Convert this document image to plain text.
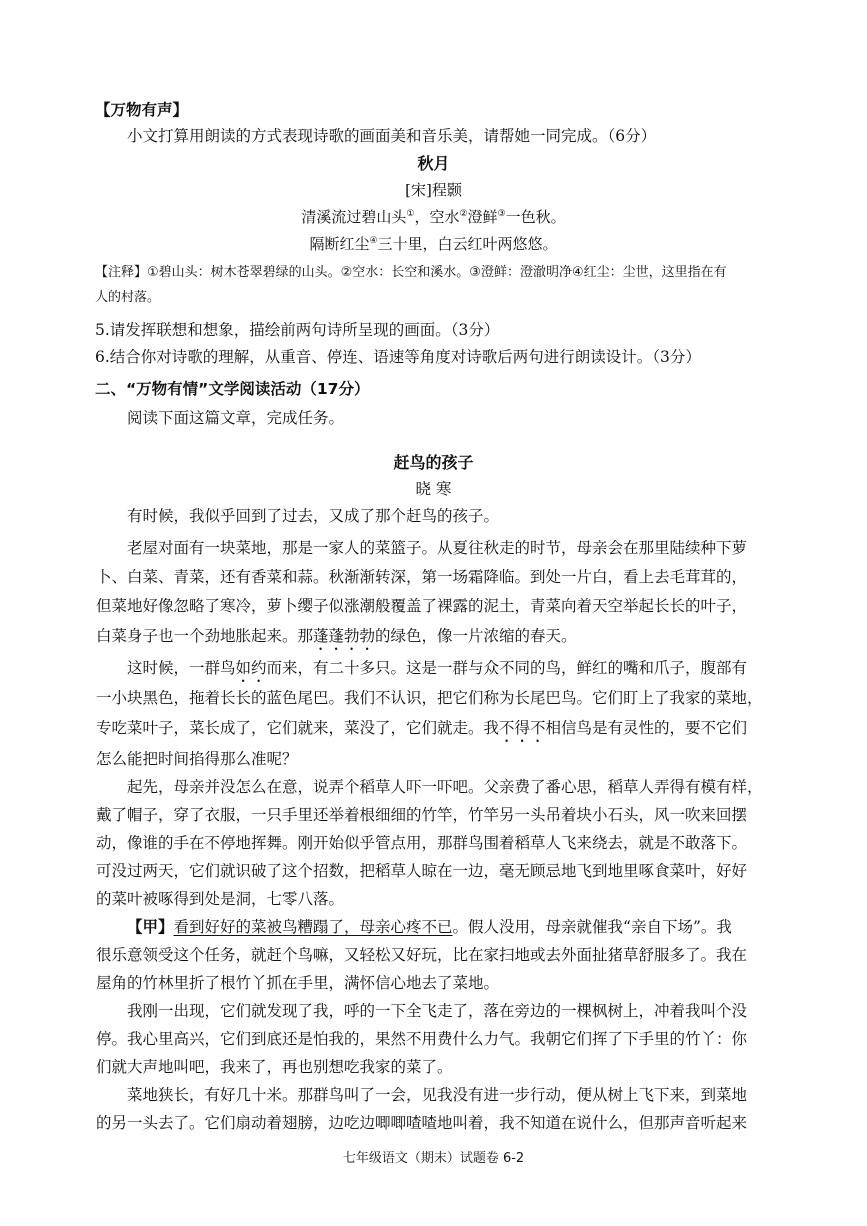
【万物有声】
小文打算用朗读的方式表现诗歌的画面美和音乐美，请帮她一同完成。（6分）
秋月
[宋]程颢
清溪流过碧山头①，空水②澄鲜③一色秋。
隔断红尘④三十里，白云红叶两悠悠。
【注释】①碧山头：树木苍翠碧绿的山头。②空水：长空和溪水。③澄鲜：澄澈明净④红尘：尘世，这里指在有
人的村落。
5.请发挥联想和想象，描绘前两句诗所呈现的画面。（3分）
6.结合你对诗歌的理解，从重音、停连、语速等角度对诗歌后两句进行朗读设计。（3分）
二、“万物有情”文学阅读活动（17分）
阅读下面这篇文章，完成任务。
赶鸟的孩子
晓 寒
有时候，我似乎回到了过去，又成了那个赶鸟的孩子。
老屋对面有一块菜地，那是一家人的菜篮子。从夏往秋走的时节，母亲会在那里陆续种下萝
卜、白菜、青菜，还有香菜和蒜。秋渐渐转深，第一场霜降临。到处一片白，看上去毛茸茸的，
但菜地好像忽略了寒冷，萝卜缨子似涨潮般覆盖了裸露的泥土，青菜向着天空举起长长的叶子，
白菜身子也一个劲地胀起来。那蓬蓬勃勃的绿色，像一片浓缩的春天。
这时候，一群鸟如约而来，有二十多只。这是一群与众不同的鸟，鲜红的嘴和爪子，腹部有
一小块黑色，拖着长长的蓝色尾巴。我们不认识，把它们称为长尾巴鸟。它们盯上了我家的菜地，
专吃菜叶子，菜长成了，它们就来，菜没了，它们就走。我不得不相信鸟是有灵性的，要不它们
怎么能把时间掐得那么准呢？
起先，母亲并没怎么在意，说弄个稻草人吓一吓吧。父亲费了番心思，稻草人弄得有模有样，
戴了帽子，穿了衣服，一只手里还举着根细细的竹竿，竹竿另一头吊着块小石头，风一吹来回摆
动，像谁的手在不停地挥舞。刚开始似乎管点用，那群鸟围着稻草人飞来绕去，就是不敢落下。
可没过两天，它们就识破了这个招数，把稻草人晾在一边，毫无顾忌地飞到地里啄食菜叶，好好
的菜叶被啄得到处是洞，七零八落。
【甲】看到好好的菜被鸟糟蹋了，母亲心疼不已。假人没用，母亲就催我“亲自下场”。我
很乐意领受这个任务，就赶个鸟嘛，又轻松又好玩，比在家扫地或去外面扯猪草舒服多了。我在
屋角的竹林里折了根竹丫抓在手里，满怀信心地去了菜地。
我刚一出现，它们就发现了我，呼的一下全飞走了，落在旁边的一棵枫树上，冲着我叫个没
停。我心里高兴，它们到底还是怕我的，果然不用费什么力气。我朝它们挥了下手里的竹丫：你
们就大声地叫吧，我来了，再也别想吃我家的菜了。
菜地狭长，有好几十米。那群鸟叫了一会，见我没有进一步行动，便从树上飞下来，到菜地
的另一头去了。它们扇动着翅膀，边吃边唧唧喳喳地叫着，我不知道在说什么，但那声音听起来
七年级语文（期末）试题卷 6-2
